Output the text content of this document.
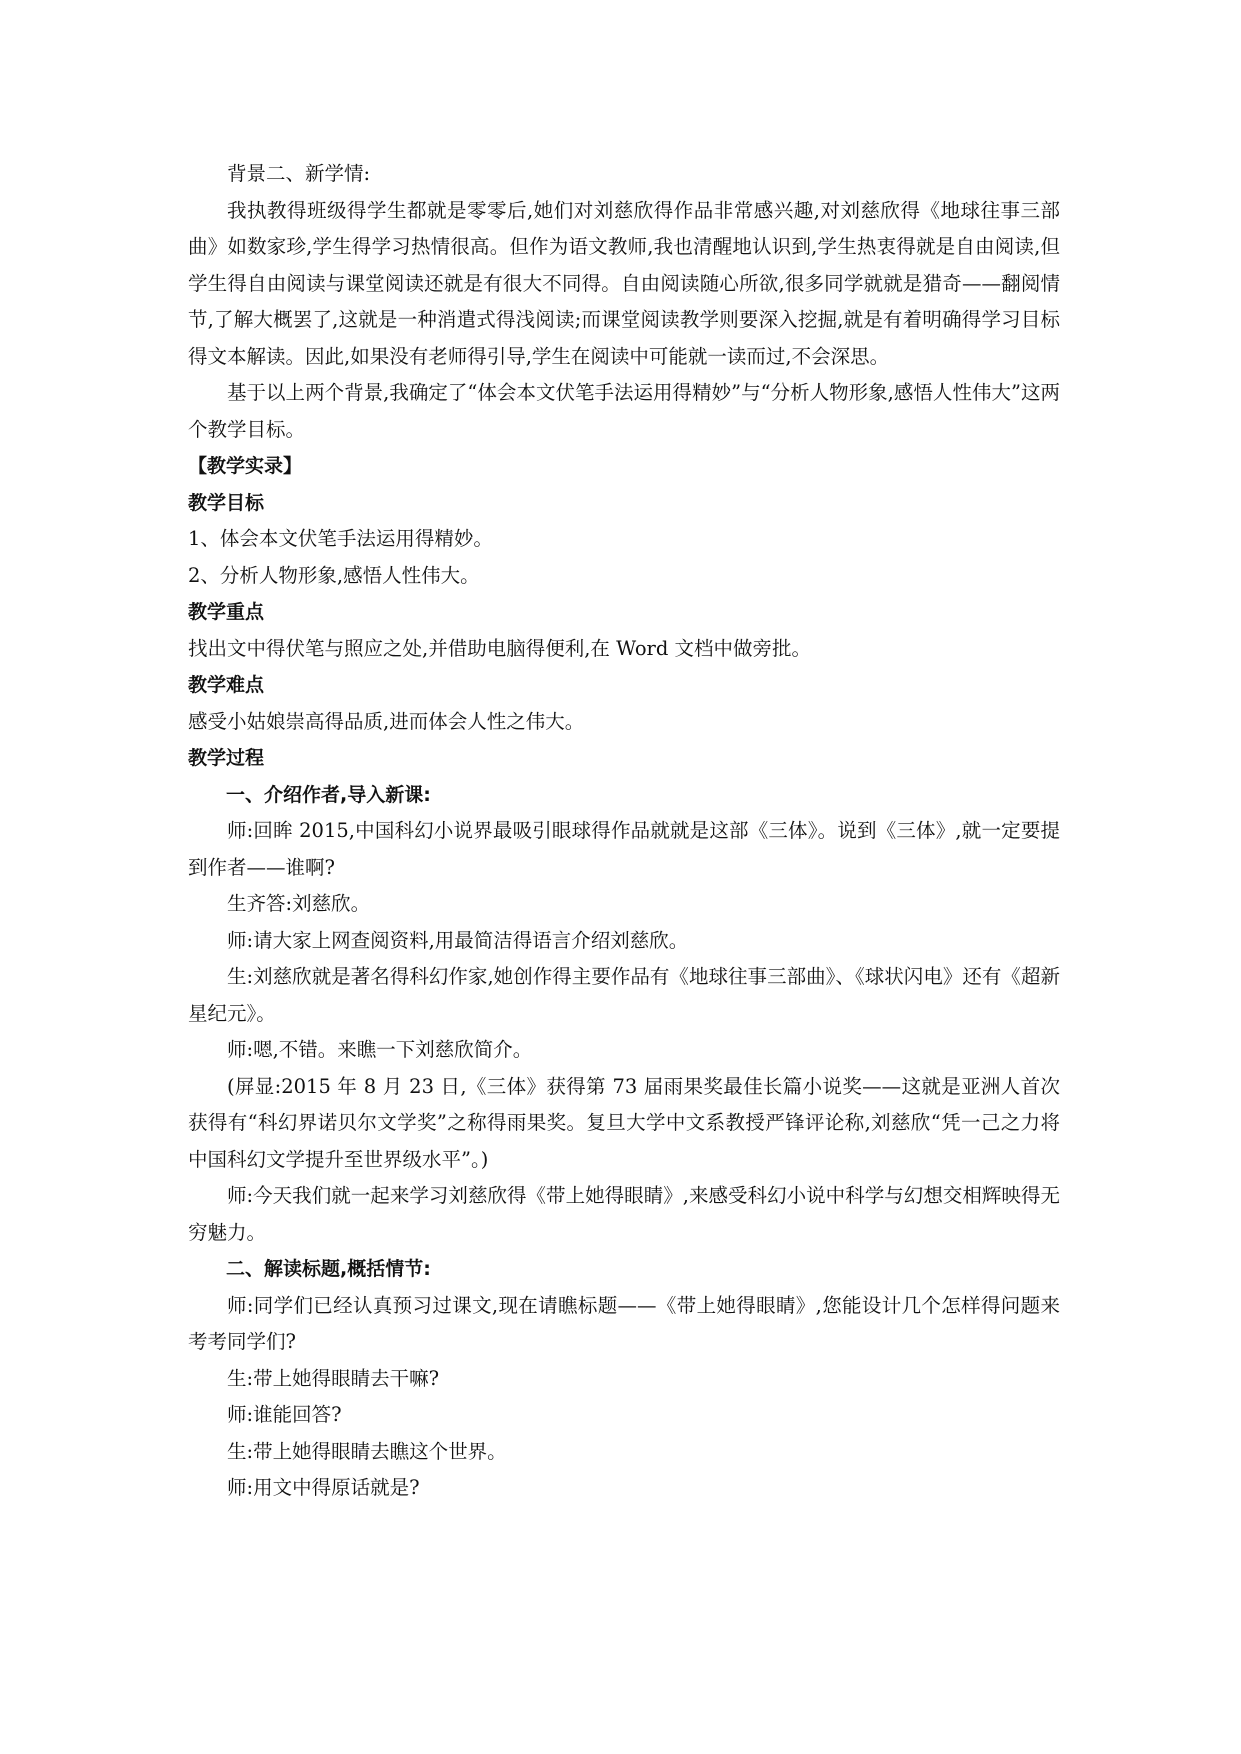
背景二、新学情:

我执教得班级得学生都就是零零后,她们对刘慈欣得作品非常感兴趣,对刘慈欣得《地球往事三部曲》如数家珍,学生得学习热情很高。但作为语文教师,我也清醒地认识到,学生热衷得就是自由阅读,但学生得自由阅读与课堂阅读还就是有很大不同得。自由阅读随心所欲,很多同学就就是猎奇——翻阅情节,了解大概罢了,这就是一种消遣式得浅阅读;而课堂阅读教学则要深入挖掘,就是有着明确得学习目标得文本解读。因此,如果没有老师得引导,学生在阅读中可能就一读而过,不会深思。

基于以上两个背景,我确定了“体会本文伏笔手法运用得精妙”与“分析人物形象,感悟人性伟大”这两个教学目标。

【教学实录】

教学目标

1、体会本文伏笔手法运用得精妙。

2、分析人物形象,感悟人性伟大。

教学重点

找出文中得伏笔与照应之处,并借助电脑得便利,在 Word 文档中做旁批。

教学难点

感受小姑娘崇高得品质,进而体会人性之伟大。

教学过程

一、介绍作者,导入新课:

师:回眸 2015,中国科幻小说界最吸引眼球得作品就就是这部《三体》。说到《三体》,就一定要提到作者——谁啊?

生齐答:刘慈欣。

师:请大家上网查阅资料,用最简洁得语言介绍刘慈欣。

生:刘慈欣就是著名得科幻作家,她创作得主要作品有《地球往事三部曲》、《球状闪电》还有《超新星纪元》。

师:嗯,不错。来瞧一下刘慈欣简介。

(屏显:2015 年 8 月 23 日,《三体》获得第 73 届雨果奖最佳长篇小说奖——这就是亚洲人首次获得有“科幻界诺贝尔文学奖”之称得雨果奖。复旦大学中文系教授严锋评论称,刘慈欣“凭一己之力将中国科幻文学提升至世界级水平”。)

师:今天我们就一起来学习刘慈欣得《带上她得眼睛》,来感受科幻小说中科学与幻想交相辉映得无穷魅力。

二、解读标题,概括情节:

师:同学们已经认真预习过课文,现在请瞧标题——《带上她得眼睛》,您能设计几个怎样得问题来考考同学们?

生:带上她得眼睛去干嘛?

师:谁能回答?

生:带上她得眼睛去瞧这个世界。

师:用文中得原话就是?
